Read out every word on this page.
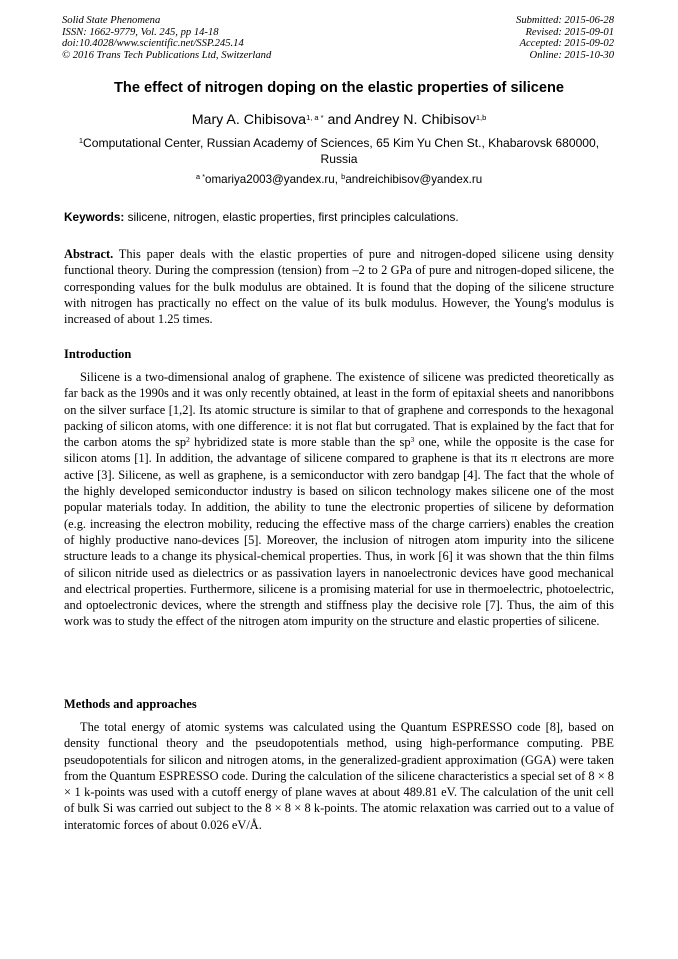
Solid State Phenomena
ISSN: 1662-9779, Vol. 245, pp 14-18
doi:10.4028/www.scientific.net/SSP.245.14
© 2016 Trans Tech Publications Ltd, Switzerland
Submitted: 2015-06-28
Revised: 2015-09-01
Accepted: 2015-09-02
Online: 2015-10-30
The effect of nitrogen doping on the elastic properties of silicene
Mary A. Chibisova$^{1, a *}$ and Andrey N. Chibisov$^{1,b}$
$^1$Computational Center, Russian Academy of Sciences, 65 Kim Yu Chen St., Khabarovsk 680000, Russia
$^{a *}$omariya2003@yandex.ru, $^b$andreichibisov@yandex.ru
Keywords: silicene, nitrogen, elastic properties, first principles calculations.
Abstract. This paper deals with the elastic properties of pure and nitrogen-doped silicene using density functional theory. During the compression (tension) from –2 to 2 GPa of pure and nitrogen-doped silicene, the corresponding values for the bulk modulus are obtained. It is found that the doping of the silicene structure with nitrogen has practically no effect on the value of its bulk modulus. However, the Young's modulus is increased of about 1.25 times.
Introduction
Silicene is a two-dimensional analog of graphene. The existence of silicene was predicted theoretically as far back as the 1990s and it was only recently obtained, at least in the form of epitaxial sheets and nanoribbons on the silver surface [1,2]. Its atomic structure is similar to that of graphene and corresponds to the hexagonal packing of silicon atoms, with one difference: it is not flat but corrugated. That is explained by the fact that for the carbon atoms the $sp^2$ hybridized state is more stable than the $sp^3$ one, while the opposite is the case for silicon atoms [1]. In addition, the advantage of silicene compared to graphene is that its π electrons are more active [3]. Silicene, as well as graphene, is a semiconductor with zero bandgap [4]. The fact that the whole of the highly developed semiconductor industry is based on silicon technology makes silicene one of the most popular materials today. In addition, the ability to tune the electronic properties of silicene by deformation (e.g. increasing the electron mobility, reducing the effective mass of the charge carriers) enables the creation of highly productive nano-devices [5]. Moreover, the inclusion of nitrogen atom impurity into the silicene structure leads to a change its physical-chemical properties. Thus, in work [6] it was shown that the thin films of silicon nitride used as dielectrics or as passivation layers in nanoelectronic devices have good mechanical and electrical properties. Furthermore, silicene is a promising material for use in thermoelectric, photoelectric, and optoelectronic devices, where the strength and stiffness play the decisive role [7]. Thus, the aim of this work was to study the effect of the nitrogen atom impurity on the structure and elastic properties of silicene.
Methods and approaches
The total energy of atomic systems was calculated using the Quantum ESPRESSO code [8], based on density functional theory and the pseudopotentials method, using high-performance computing. PBE pseudopotentials for silicon and nitrogen atoms, in the generalized-gradient approximation (GGA) were taken from the Quantum ESPRESSO code. During the calculation of the silicene characteristics a special set of 8 × 8 × 1 k-points was used with a cutoff energy of plane waves at about 489.81 eV. The calculation of the unit cell of bulk Si was carried out subject to the 8 × 8 × 8 k-points. The atomic relaxation was carried out to a value of interatomic forces of about 0.026 eV/Å.
